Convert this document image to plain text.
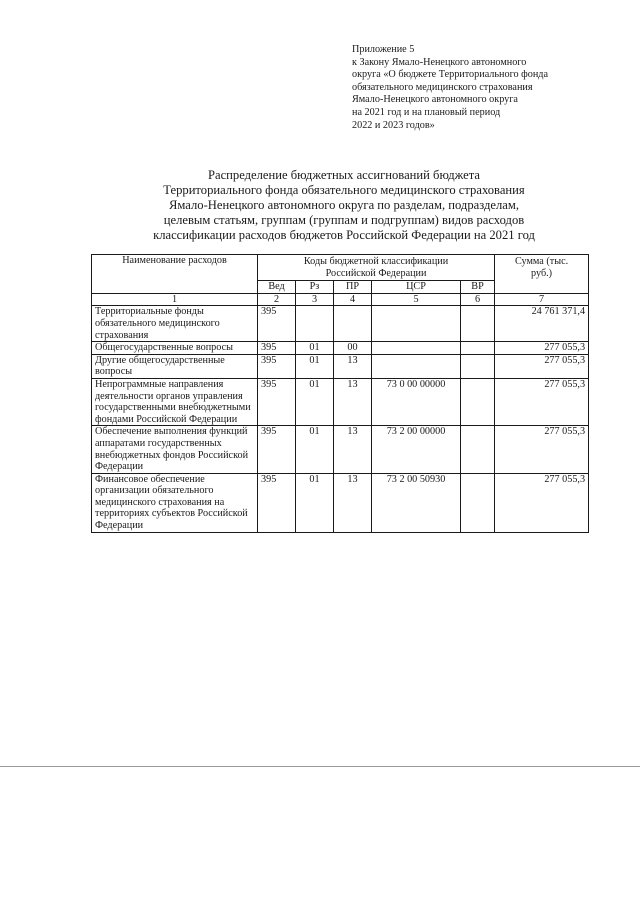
Приложение 5
к Закону Ямало-Ненецкого автономного
округа «О бюджете Территориального фонда
обязательного медицинского страхования
Ямало-Ненецкого автономного округа
на 2021 год и на плановый период
2022 и 2023 годов»
Распределение бюджетных ассигнований бюджета
Территориального фонда обязательного медицинского страхования
Ямало-Ненецкого автономного округа по разделам, подразделам,
целевым статьям, группам (группам и подгруппам) видов расходов
классификации расходов бюджетов Российской Федерации на 2021 год
Наименование расходов	Коды бюджетной классификации Российской Федерации					Сумма (тыс. руб.)
	Вед	Рз	ПР	ЦСР	ВР	
1	2	3	4	5	6	7
Территориальные фонды обязательного медицинского страхования	395					24 761 371,4
Общегосударственные вопросы	395	01	00			277 055,3
Другие общегосударственные вопросы	395	01	13			277 055,3
Непрограммные направления деятельности органов управления государственными внебюджетными фондами Российской Федерации	395	01	13	73 0 00 00000		277 055,3
Обеспечение выполнения функций аппаратами государственных внебюджетных фондов Российской Федерации	395	01	13	73 2 00 00000		277 055,3
Финансовое обеспечение организации обязательного медицинского страхования на территориях субъектов Российской Федерации	395	01	13	73 2 00 50930		277 055,3
